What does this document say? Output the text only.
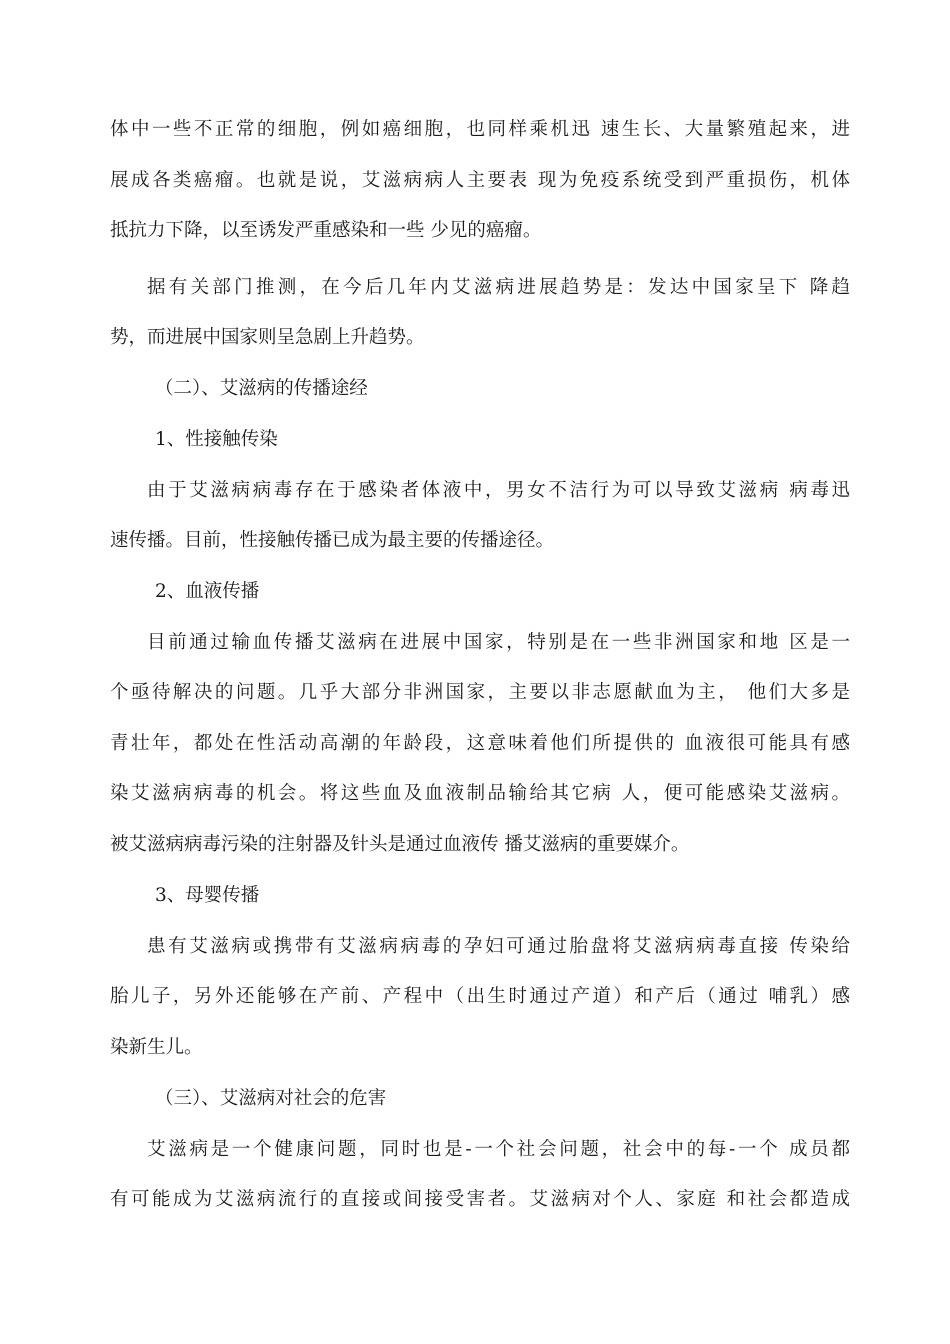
体中一些不正常的细胞，例如癌细胞，也同样乘机迅 速生长、大量繁殖起来，进
展成各类癌瘤。也就是说，艾滋病病人主要表 现为免疫系统受到严重损伤，机体
抵抗力下降，以至诱发严重感染和一些 少见的癌瘤。
据有关部门推测，在今后几年内艾滋病进展趋势是：发达中国家呈下 降趋
势，而进展中国家则呈急剧上升趋势。
（二）、艾滋病的传播途经
1、性接触传染
由于艾滋病病毒存在于感染者体液中，男女不洁行为可以导致艾滋病 病毒迅
速传播。目前，性接触传播已成为最主要的传播途径。
2、血液传播
目前通过输血传播艾滋病在进展中国家，特别是在一些非洲国家和地 区是一
个亟待解决的问题。几乎大部分非洲国家，主要以非志愿献血为主， 他们大多是
青壮年，都处在性活动高潮的年龄段，这意味着他们所提供的 血液很可能具有感
染艾滋病病毒的机会。将这些血及血液制品输给其它病 人，便可能感染艾滋病。
被艾滋病病毒污染的注射器及针头是通过血液传 播艾滋病的重要媒介。
3、母婴传播
患有艾滋病或携带有艾滋病病毒的孕妇可通过胎盘将艾滋病病毒直接 传染给
胎儿子，另外还能够在产前、产程中（出生时通过产道）和产后（通过 哺乳）感
染新生儿。
（三）、艾滋病对社会的危害
艾滋病是一个健康问题，同时也是-一个社会问题，社会中的每-一个 成员都
有可能成为艾滋病流行的直接或间接受害者。艾滋病对个人、家庭 和社会都造成
